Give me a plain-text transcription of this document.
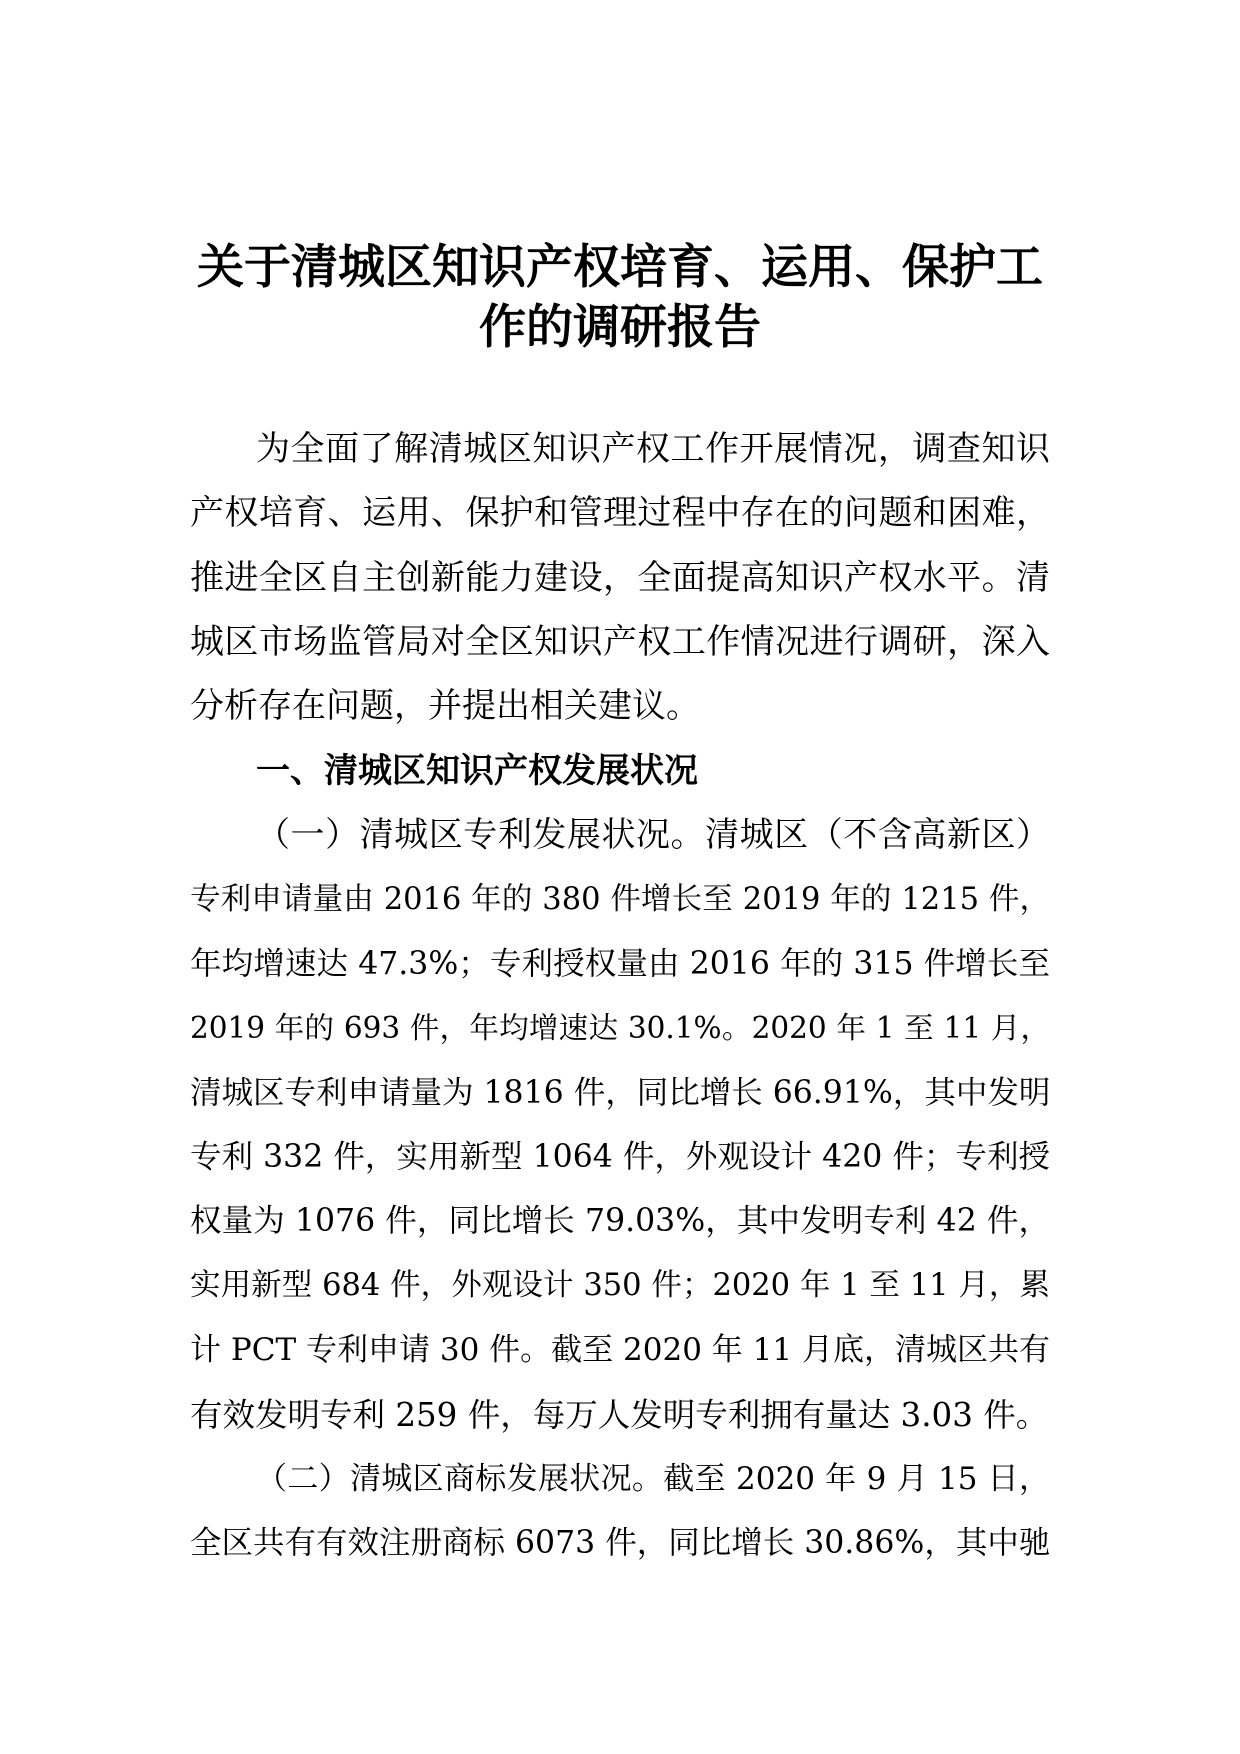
关于清城区知识产权培育、运用、保护工
作的调研报告
为全面了解清城区知识产权工作开展情况，调查知识
产权培育、运用、保护和管理过程中存在的问题和困难，
推进全区自主创新能力建设，全面提高知识产权水平。清
城区市场监管局对全区知识产权工作情况进行调研，深入
分析存在问题，并提出相关建议。
一、清城区知识产权发展状况
（一）清城区专利发展状况。清城区（不含高新区）
专利申请量由 2016 年的 380 件增长至 2019 年的 1215 件，
年均增速达 47.3%；专利授权量由 2016 年的 315 件增长至
2019 年的 693 件，年均增速达 30.1%。2020 年 1 至 11 月，
清城区专利申请量为 1816 件，同比增长 66.91%，其中发明
专利 332 件，实用新型 1064 件，外观设计 420 件；专利授
权量为 1076 件，同比增长 79.03%，其中发明专利 42 件，
实用新型 684 件，外观设计 350 件；2020 年 1 至 11 月，累
计 PCT 专利申请 30 件。截至 2020 年 11 月底，清城区共有
有效发明专利 259 件，每万人发明专利拥有量达 3.03 件。
（二）清城区商标发展状况。截至 2020 年 9 月 15 日，
全区共有有效注册商标 6073 件，同比增长 30.86%，其中驰
